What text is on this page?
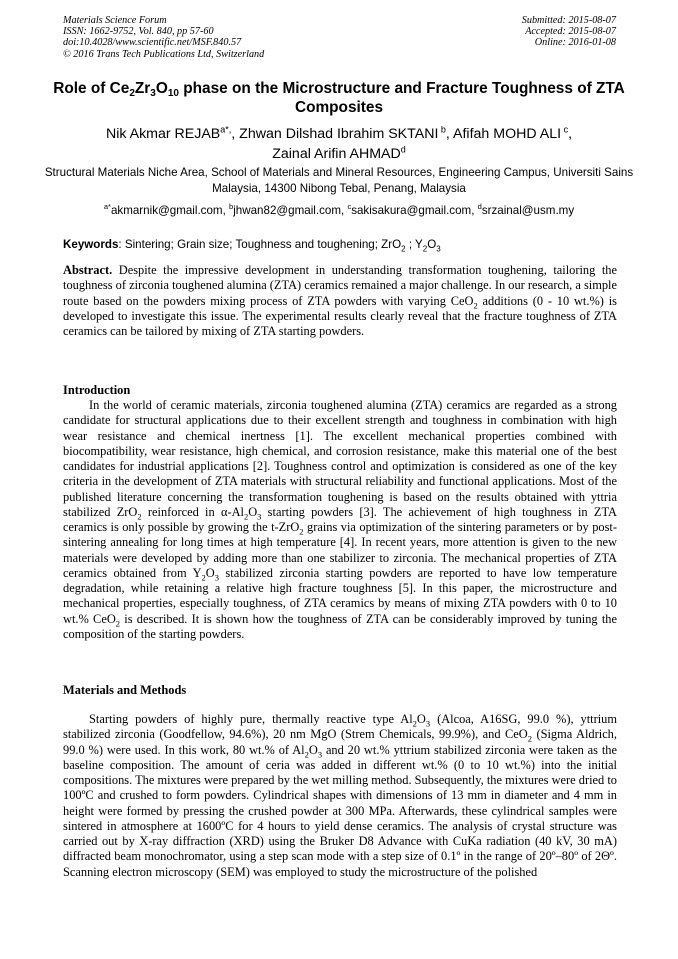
Materials Science Forum
ISSN: 1662-9752, Vol. 840, pp 57-60
doi:10.4028/www.scientific.net/MSF.840.57
© 2016 Trans Tech Publications Ltd, Switzerland
Submitted: 2015-08-07
Accepted: 2015-08-07
Online: 2016-01-08
Role of $Ce_2Zr_3O_{10}$ phase on the Microstructure and Fracture Toughness of ZTA Composites
Nik Akmar $REJAB^{a*,}$, Zhwan Dilshad Ibrahim SKTANI $^b$, Afifah MOHD ALI $^c$,
Zainal Arifin AHMAD$^d$
Structural Materials Niche Area, School of Materials and Mineral Resources, Engineering Campus, Universiti Sains Malaysia, 14300 Nibong Tebal, Penang, Malaysia
$^{a*}$akmarnik@gmail.com, $^b$jhwan82@gmail.com, $^c$sakisakura@gmail.com, $^d$srzainal@usm.my
Keywords: Sintering; Grain size; Toughness and toughening; ZrO$_2$ ; $Y_2O_3$
Abstract. Despite the impressive development in understanding transformation toughening, tailoring the toughness of zirconia toughened alumina (ZTA) ceramics remained a major challenge. In our research, a simple route based on the powders mixing process of ZTA powders with varying CeO$_2$ additions (0 - 10 wt.%) is developed to investigate this issue. The experimental results clearly reveal that the fracture toughness of ZTA ceramics can be tailored by mixing of ZTA starting powders.
Introduction

In the world of ceramic materials, zirconia toughened alumina (ZTA) ceramics are regarded as a strong candidate for structural applications due to their excellent strength and toughness in combination with high wear resistance and chemical inertness [1]. The excellent mechanical properties combined with biocompatibility, wear resistance, high chemical, and corrosion resistance, make this material one of the best candidates for industrial applications [2]. Toughness control and optimization is considered as one of the key criteria in the development of ZTA materials with structural reliability and functional applications. Most of the published literature concerning the transformation toughening is based on the results obtained with yttria stabilized ZrO$_2$ reinforced in $\alpha-Al_2O_3$ starting powders [3]. The achievement of high toughness in ZTA ceramics is only possible by growing the t-ZrO$_2$ grains via optimization of the sintering parameters or by post-sintering annealing for long times at high temperature [4]. In recent years, more attention is given to the new materials were developed by adding more than one stabilizer to zirconia. The mechanical properties of ZTA ceramics obtained from $Y_2O_3$ stabilized zirconia starting powders are reported to have low temperature degradation, while retaining a relative high fracture toughness [5]. In this paper, the microstructure and mechanical properties, especially toughness, of ZTA ceramics by means of mixing ZTA powders with 0 to 10 wt.% CeO$_2$ is described. It is shown how the toughness of ZTA can be considerably improved by tuning the composition of the starting powders.

Materials and Methods

Starting powders of highly pure, thermally reactive type $Al_2O_3$ (Alcoa, A16SG, 99.0 %), yttrium stabilized zirconia (Goodfellow, 94.6%), 20 nm MgO (Strem Chemicals, 99.9%), and CeO$_2$ (Sigma Aldrich, 99.0 %) were used. In this work, 80 wt.% of $Al_2O_3$ and 20 wt.% yttrium stabilized zirconia were taken as the baseline composition. The amount of ceria was added in different wt.% (0 to 10 wt.%) into the initial compositions. The mixtures were prepared by the wet milling method. Subsequently, the mixtures were dried to 100ºC and crushed to form powders. Cylindrical shapes with dimensions of 13 mm in diameter and 4 mm in height were formed by pressing the crushed powder at 300 MPa. Afterwards, these cylindrical samples were sintered in atmosphere at 1600ºC for 4 hours to yield dense ceramics. The analysis of crystal structure was carried out by X-ray diffraction (XRD) using the Bruker D8 Advance with CuKa radiation (40 kV, 30 mA) diffracted beam monochromator, using a step scan mode with a step size of 0.1º in the range of 20º–80º of 2Θº. Scanning electron microscopy (SEM) was employed to study the microstructure of the polished
